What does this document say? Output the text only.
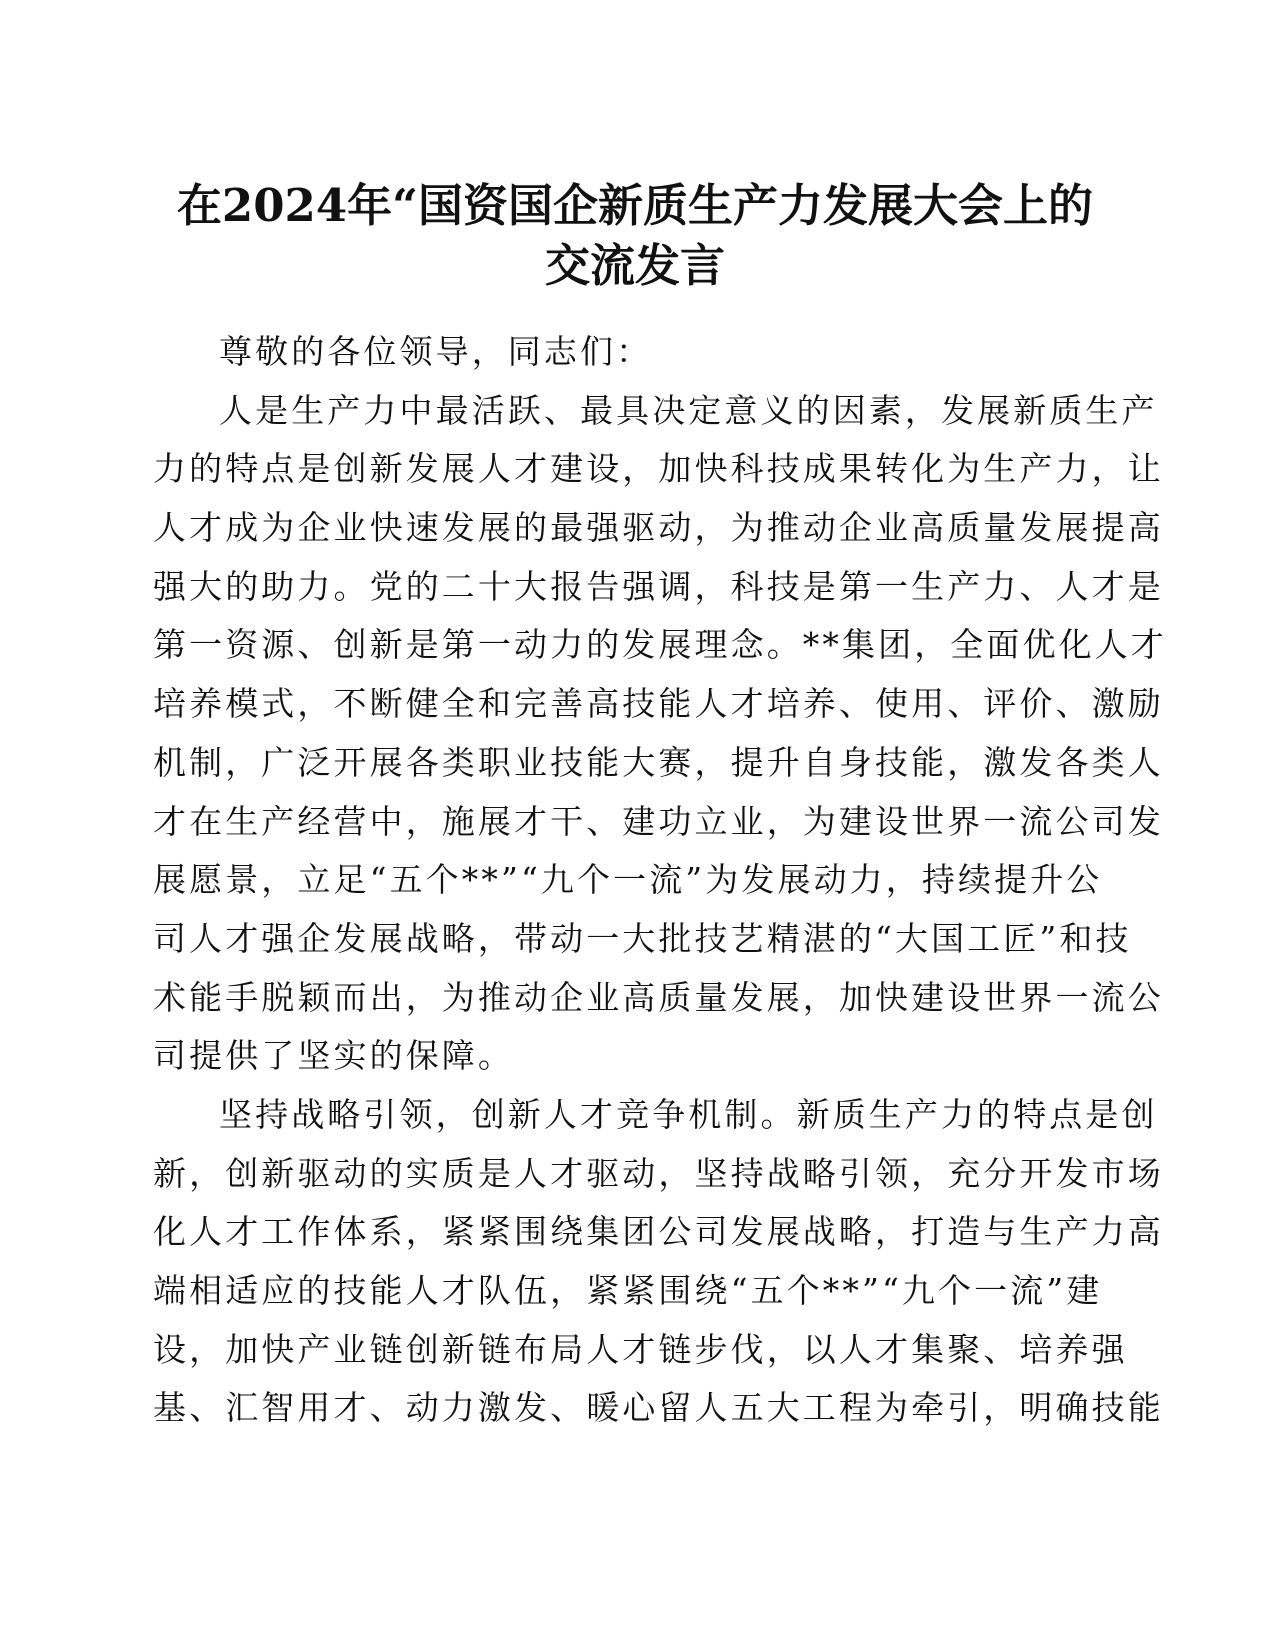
在2024年“国资国企新质生产力发展大会上的
交流发言
尊敬的各位领导，同志们：
人是生产力中最活跃、最具决定意义的因素，发展新质生产
力的特点是创新发展人才建设，加快科技成果转化为生产力，让
人才成为企业快速发展的最强驱动，为推动企业高质量发展提高
强大的助力。党的二十大报告强调，科技是第一生产力、人才是
第一资源、创新是第一动力的发展理念。**集团，全面优化人才
培养模式，不断健全和完善高技能人才培养、使用、评价、激励
机制，广泛开展各类职业技能大赛，提升自身技能，激发各类人
才在生产经营中，施展才干、建功立业，为建设世界一流公司发
展愿景，立足“五个**”“九个一流”为发展动力，持续提升公
司人才强企发展战略，带动一大批技艺精湛的“大国工匠”和技
术能手脱颖而出，为推动企业高质量发展，加快建设世界一流公
司提供了坚实的保障。
坚持战略引领，创新人才竞争机制。新质生产力的特点是创
新，创新驱动的实质是人才驱动，坚持战略引领，充分开发市场
化人才工作体系，紧紧围绕集团公司发展战略，打造与生产力高
端相适应的技能人才队伍，紧紧围绕“五个**”“九个一流”建
设，加快产业链创新链布局人才链步伐，以人才集聚、培养强
基、汇智用才、动力激发、暖心留人五大工程为牵引，明确技能
